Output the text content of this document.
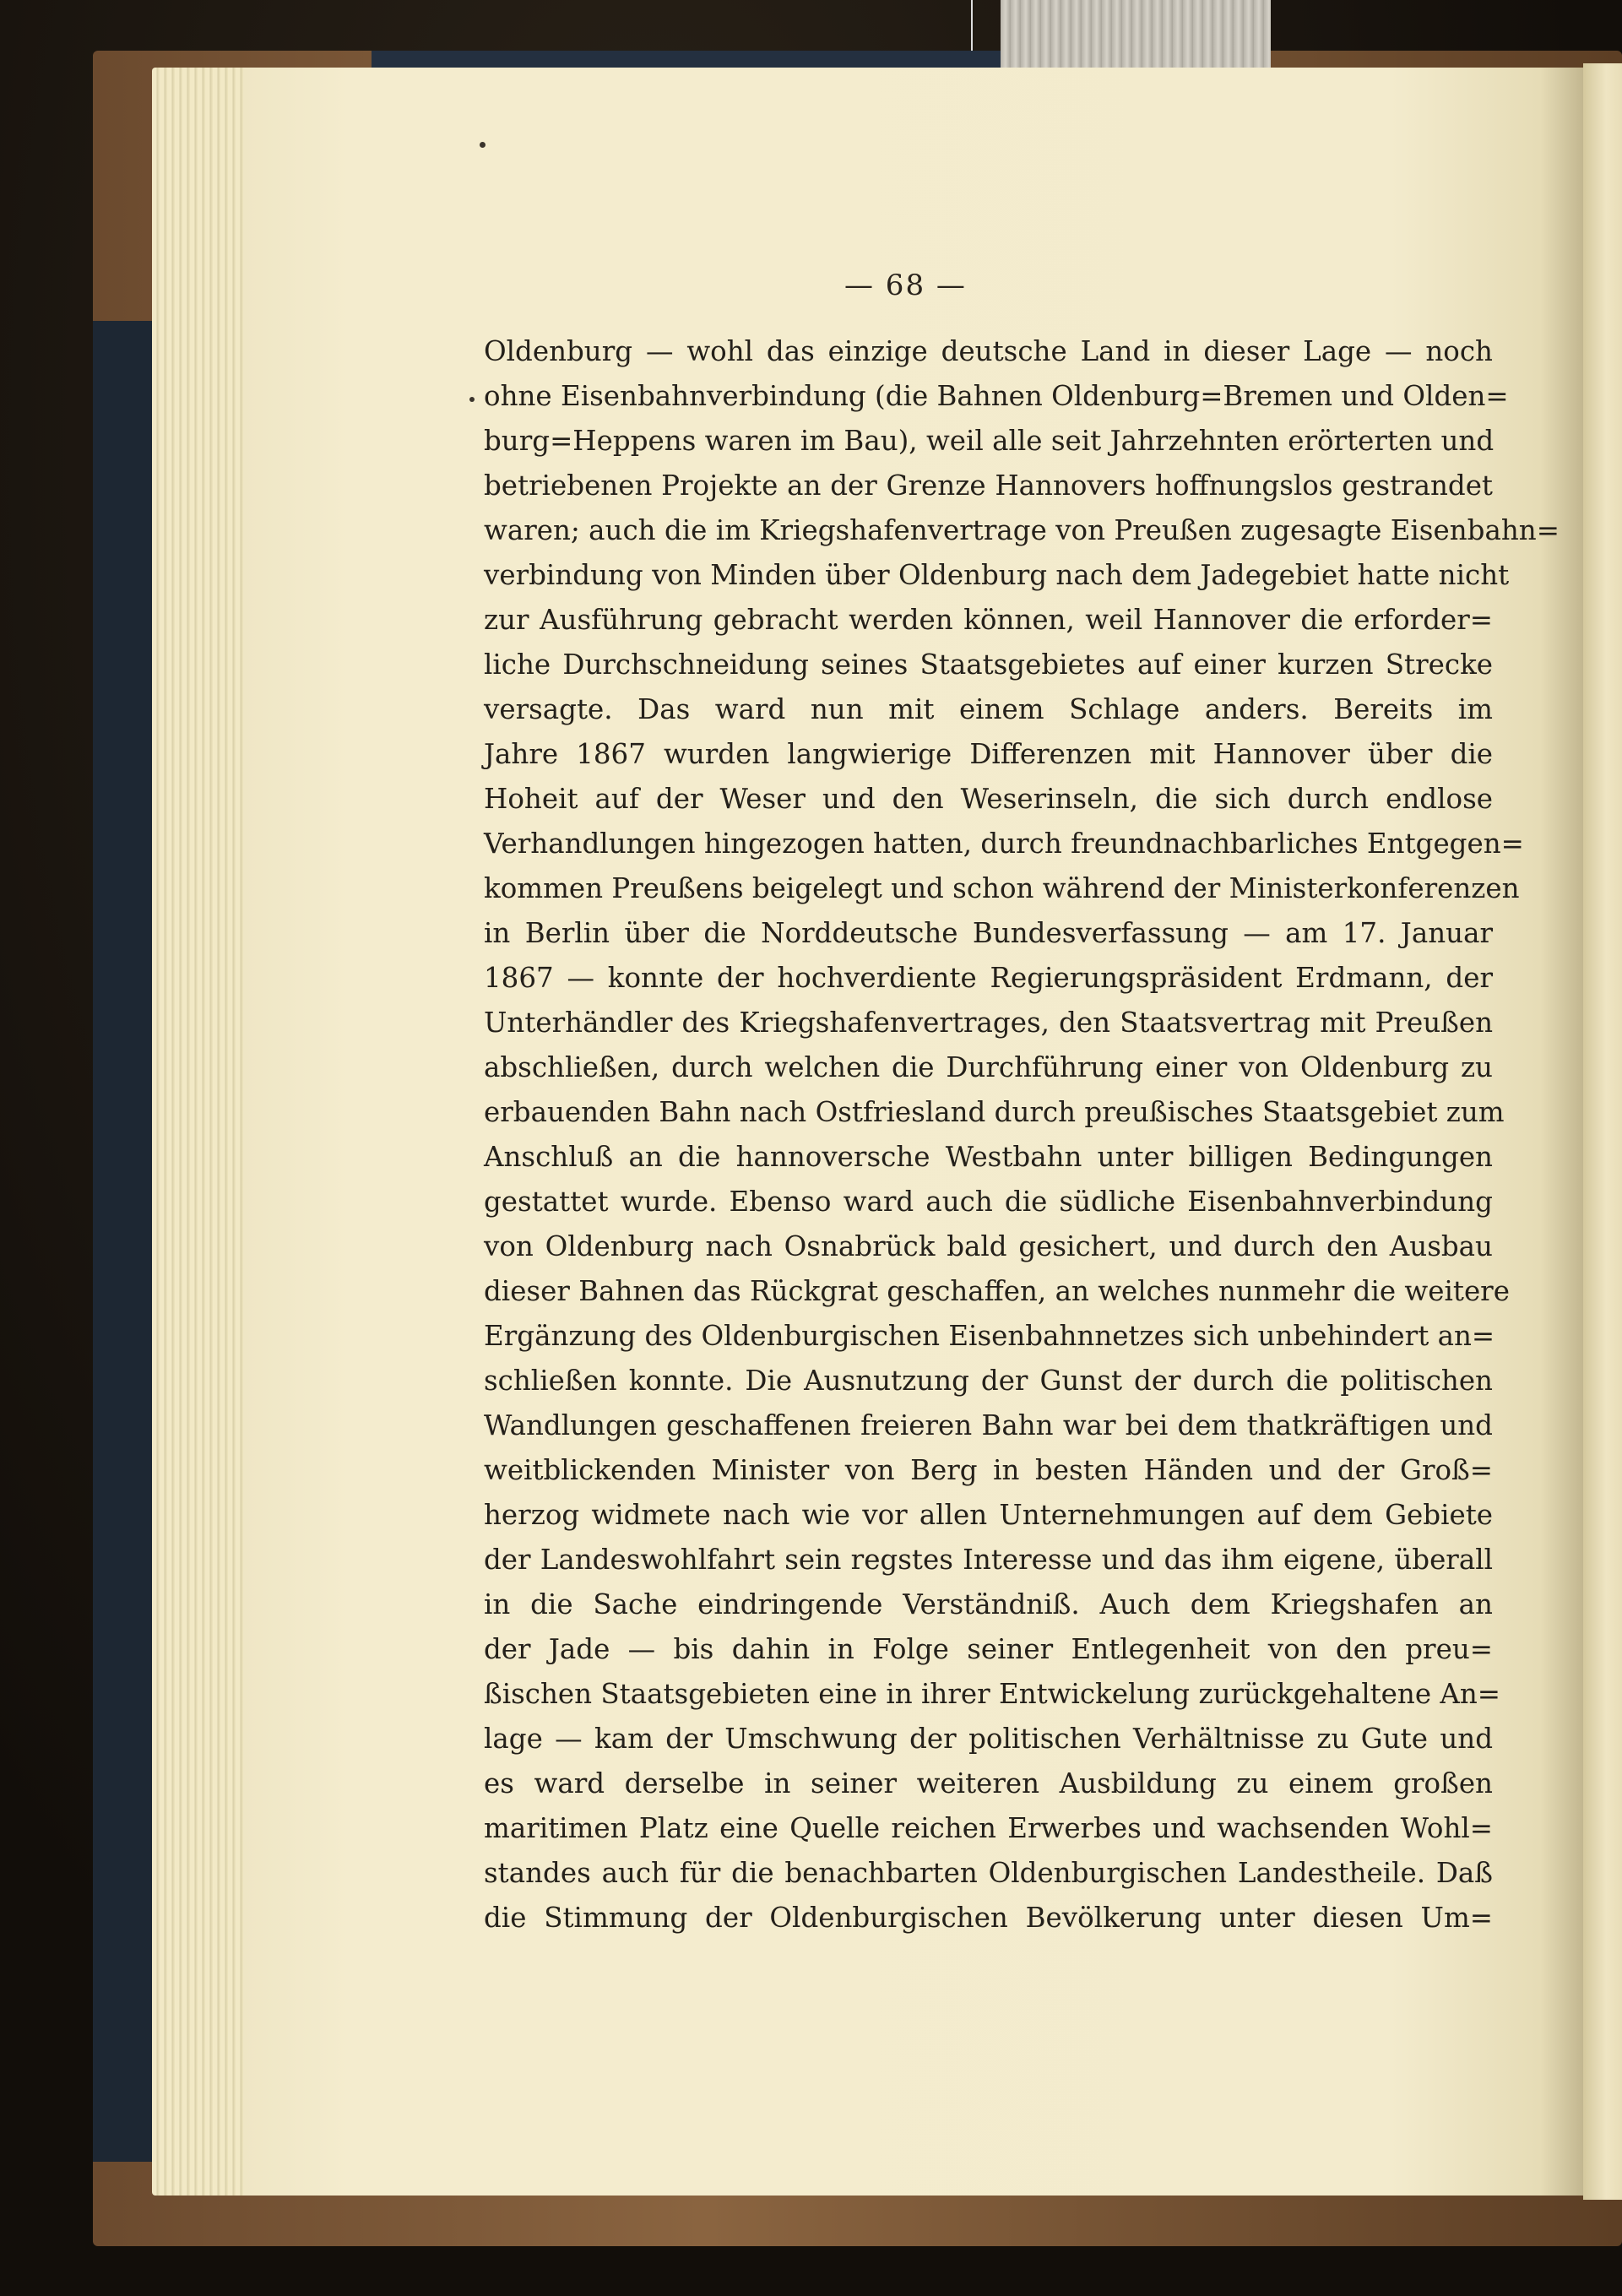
— 68 —
Oldenburg — wohl das einzige deutsche Land in dieser Lage — noch
ohne Eisenbahnverbindung (die Bahnen Oldenburg=Bremen und Olden=
burg=Heppens waren im Bau), weil alle seit Jahrzehnten erörterten und
betriebenen Projekte an der Grenze Hannovers hoffnungslos gestrandet
waren; auch die im Kriegshafenvertrage von Preußen zugesagte Eisenbahn=
verbindung von Minden über Oldenburg nach dem Jadegebiet hatte nicht
zur Ausführung gebracht werden können, weil Hannover die erforder=
liche Durchschneidung seines Staatsgebietes auf einer kurzen Strecke
versagte. Das ward nun mit einem Schlage anders. Bereits im
Jahre 1867 wurden langwierige Differenzen mit Hannover über die
Hoheit auf der Weser und den Weserinseln, die sich durch endlose
Verhandlungen hingezogen hatten, durch freundnachbarliches Entgegen=
kommen Preußens beigelegt und schon während der Ministerkonferenzen
in Berlin über die Norddeutsche Bundesverfassung — am 17. Januar
1867 — konnte der hochverdiente Regierungspräsident Erdmann, der
Unterhändler des Kriegshafenvertrages, den Staatsvertrag mit Preußen
abschließen, durch welchen die Durchführung einer von Oldenburg zu
erbauenden Bahn nach Ostfriesland durch preußisches Staatsgebiet zum
Anschluß an die hannoversche Westbahn unter billigen Bedingungen
gestattet wurde. Ebenso ward auch die südliche Eisenbahnverbindung
von Oldenburg nach Osnabrück bald gesichert, und durch den Ausbau
dieser Bahnen das Rückgrat geschaffen, an welches nunmehr die weitere
Ergänzung des Oldenburgischen Eisenbahnnetzes sich unbehindert an=
schließen konnte. Die Ausnutzung der Gunst der durch die politischen
Wandlungen geschaffenen freieren Bahn war bei dem thatkräftigen und
weitblickenden Minister von Berg in besten Händen und der Groß=
herzog widmete nach wie vor allen Unternehmungen auf dem Gebiete
der Landeswohlfahrt sein regstes Interesse und das ihm eigene, überall
in die Sache eindringende Verständniß. Auch dem Kriegshafen an
der Jade — bis dahin in Folge seiner Entlegenheit von den preu=
ßischen Staatsgebieten eine in ihrer Entwickelung zurückgehaltene An=
lage — kam der Umschwung der politischen Verhältnisse zu Gute und
es ward derselbe in seiner weiteren Ausbildung zu einem großen
maritimen Platz eine Quelle reichen Erwerbes und wachsenden Wohl=
standes auch für die benachbarten Oldenburgischen Landestheile. Daß
die Stimmung der Oldenburgischen Bevölkerung unter diesen Um=
